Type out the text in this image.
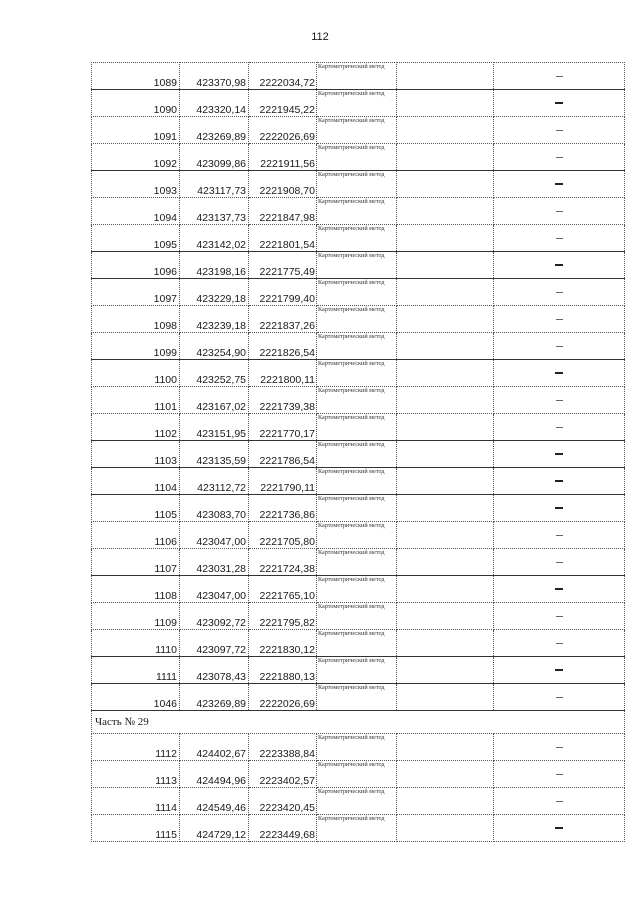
112
1089	423370,98	2222034,72	Картометрический метод		
1090	423320,14	2221945,22	Картометрический метод		
1091	423269,89	2222026,69	Картометрический метод		
1092	423099,86	2221911,56	Картометрический метод		
1093	423117,73	2221908,70	Картометрический метод		
1094	423137,73	2221847,98	Картометрический метод		
1095	423142,02	2221801,54	Картометрический метод		
1096	423198,16	2221775,49	Картометрический метод		
1097	423229,18	2221799,40	Картометрический метод		
1098	423239,18	2221837,26	Картометрический метод		
1099	423254,90	2221826,54	Картометрический метод		
1100	423252,75	2221800,11	Картометрический метод		
1101	423167,02	2221739,38	Картометрический метод		
1102	423151,95	2221770,17	Картометрический метод		
1103	423135,59	2221786,54	Картометрический метод		
1104	423112,72	2221790,11	Картометрический метод		
1105	423083,70	2221736,86	Картометрический метод		
1106	423047,00	2221705,80	Картометрический метод		
1107	423031,28	2221724,38	Картометрический метод		
1108	423047,00	2221765,10	Картометрический метод		
1109	423092,72	2221795,82	Картометрический метод		
1110	423097,72	2221830,12	Картометрический метод		
1111	423078,43	2221880,13	Картометрический метод		
1046	423269,89	2222026,69	Картометрический метод		
Часть № 29					
1112	424402,67	2223388,84	Картометрический метод		
1113	424494,96	2223402,57	Картометрический метод		
1114	424549,46	2223420,45	Картометрический метод		
1115	424729,12	2223449,68	Картометрический метод		
